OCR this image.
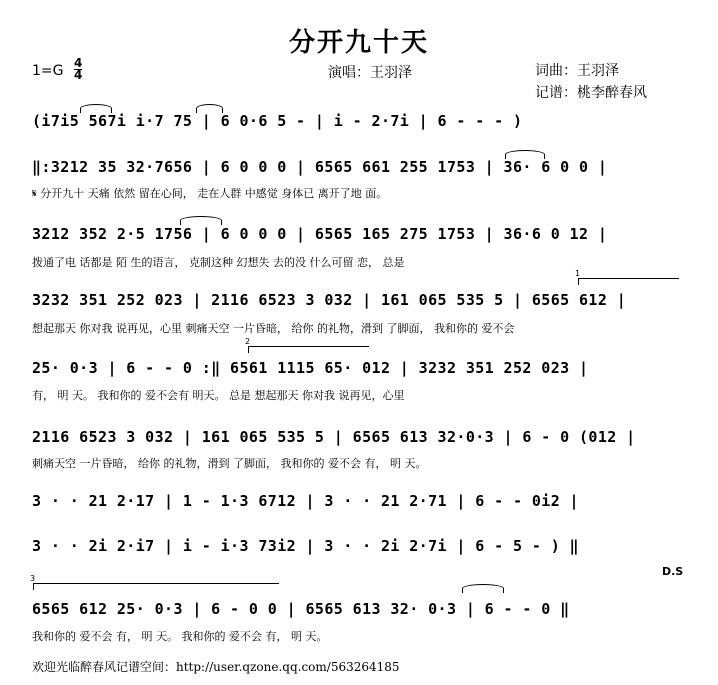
分开九十天
演唱：王羽泽	词曲：王羽泽
记谱：桃李醉春风
1=G 4
4
(i7i5 567i i·7 75 | 6 0·6 5 - | i - 2·7i | 6 - - - )
‖:3212 35 32·7656 | 6 0 0 0 | 6565 661 255 1753 | 36· 6 0 0 |
𝄋 分开九十 天痛 依然 留在心间， 走在人群 中感觉 身体已 离开了地 面。
3212 352 2·5 1756 | 6 0 0 0 | 6565 165 275 1753 | 36·6 0 12 |
拨通了电 话都是 陌 生的语言， 克制这种 幻想失 去的没 什么可留 恋， 总是
1
3232 351 252 023 | 2116 6523 3 032 | 161 065 535 5 | 6565 612 |
想起那天 你对我 说再见，心里 刺痛天空 一片昏暗， 给你 的礼物，滑到 了脚面， 我和你的 爱不会
2
25· 0·3 | 6 - - 0 :‖ 6561 1115 65· 012 | 3232 351 252 023 |
有， 明 天。 我和你的 爱不会有 明天。 总是 想起那天 你对我 说再见，心里
2116 6523 3 032 | 161 065 535 5 | 6565 613 32·0·3 | 6 - 0 (012 |
刺痛天空 一片昏暗， 给你 的礼物，滑到 了脚面， 我和你的 爱不会 有， 明 天。
3 · · 21 2·17 | 1 - 1·3 6712 | 3 · · 21 2·71 | 6 - - 0i2 |
3 · · 2i 2·i7 | i - i·3 73i2 | 3 · · 2i 2·7i | 6 - 5 - ) ‖
D.S
3
6565 612 25· 0·3 | 6 - 0 0 | 6565 613 32· 0·3 | 6 - - 0 ‖
我和你的 爱不会 有， 明 天。 我和你的 爱不会 有， 明 天。
欢迎光临醉春风记谱空间：http://user.qzone.qq.com/563264185
